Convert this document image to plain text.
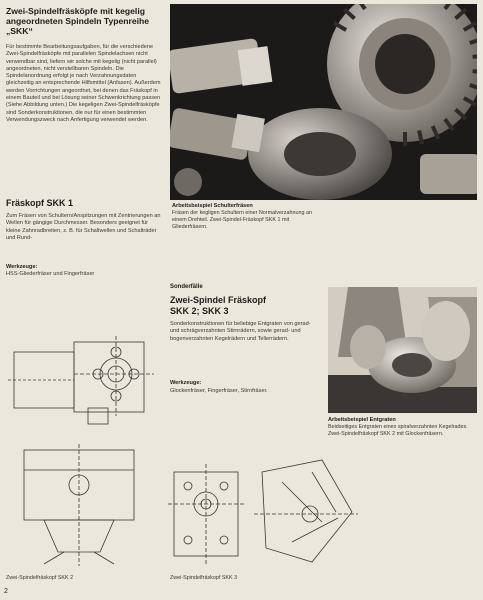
Zwei-Spindelfräsköpfe mit kegelig angeordneten Spindeln Typenreihe „SKK“

Für bestimmte Bearbeitungsaufgaben, für die verschiedene Zwei-Spindelfräsköpfe mit parallelen Spindelachsen nicht verwendbar sind, liefern wir solche mit kegelig (nicht parallel) angeordneten, nicht verstellbaren Spindeln. Die Spindelanordnung erfolgt je nach Verzahnungsdaten gleichzeitig an entsprechende Hilfsmittel (Anfasen). Außerdem werden Vorrichtungen angeordnet, bei denen das Fräskopf in einem Bauteil und bei Lösung seiner Schwenkrichtung passen (Siehe Abbildung unten.) Die kegeligen Zwei-Spindelfräsköpfe sind Sonderkonstruktionen, die nur für einen bestimmten Verwendungszweck nach Anfertigung verwendet werden.

Arbeitsbeispiel Schulterfräsen

Fräsen der kegligen Schultern einer Normalverzahnung an einem Drehteil. Zwei-Spindel-Fräskopf SKK 1 mit Gliederfräsern.

Fräskopf SKK 1

Zum Fräsen von Schultern/Anspitzungen mit Zentrierungen an Wellen für gängige Durchmesser. Besonders geeignet für kleine Zahnradbreiten, z. B. für Schaltwellen und Schalträder und Rund-

Werkzeuge:

HSS-Gliederfräser und Fingerfräser

Sonderfälle
Zwei-Spindel Fräskopf
SKK 2; SKK 3

Sonderkonstruktionen für beliebige Entgraten von gerad- und schrägverzahnten Stirnrädern, sowie gerad- und bogenverzahnten Kegelrädern und Tellerrädern.

Werkzeuge:

Glockenfräser, Fingerfräser, Stirnfräser.

Arbeitsbeispiel Entgraten

Beidseitiges Entgraten eines spiralverzahnten Kegelrades. Zwei-Spindelfräskopf SKK 2 mit Glockenfräsern.

Zwei-Spindelfräskopf SKK 2	Zwei-Spindelfräskopf SKK 3
2
